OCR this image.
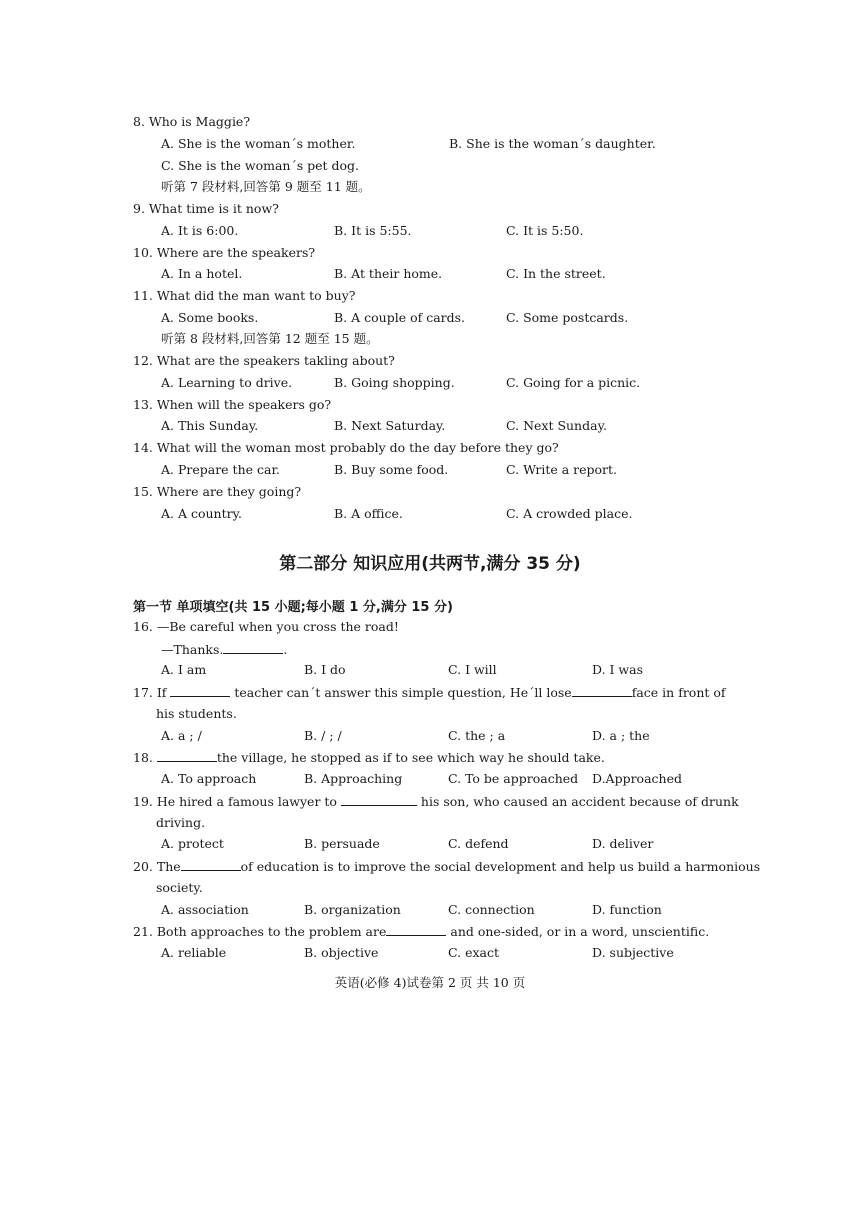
8. Who is Maggie?
A. She is the woman´s mother.	B. She is the woman´s daughter.
C. She is the woman´s pet dog.
听第 7 段材料,回答第 9 题至 11 题。
9. What time is it now?
A. It is 6:00.	B. It is 5:55.	C. It is 5:50.
10. Where are the speakers?
A. In a hotel.	B. At their home.	C. In the street.
11. What did the man want to buy?
A. Some books.	B. A couple of cards.	C. Some postcards.
听第 8 段材料,回答第 12 题至 15 题。
12. What are the speakers takling about?
A. Learning to drive.	B. Going shopping.	C. Going for a picnic.
13. When will the speakers go?
A. This Sunday.	B. Next Saturday.	C. Next Sunday.
14. What will the woman most probably do the day before they go?
A. Prepare the car.	B. Buy some food.	C. Write a report.
15. Where are they going?
A. A country.	B. A office.	C. A crowded place.
第二部分 知识应用(共两节,满分 35 分)
第一节 单项填空(共 15 小题;每小题 1 分,满分 15 分)
16. —Be careful when you cross the road!
—Thanks.	.
A. I am	B. I do	C. I will	D. I was
17. If	teacher can´t answer this simple question, He´ll lose	face in front of
his students.
A. a ; /	B. / ; /	C. the ; a	D. a ; the
18.	the village, he stopped as if to see which way he should take.
A. To approach	B. Approaching	C. To be approached D.Approached
19. He hired a famous lawyer to	his son, who caused an accident because of drunk
driving.
A. protect	B. persuade	C. defend	D. deliver
20. The	of education is to improve the social development and help us build a harmonious
society.
A. association	B. organization	C. connection	D. function
21. Both approaches to the problem are	and one-sided, or in a word, unscientific.
A. reliable	B. objective	C. exact	D. subjective
英语(必修 4)试卷第 2 页 共 10 页
